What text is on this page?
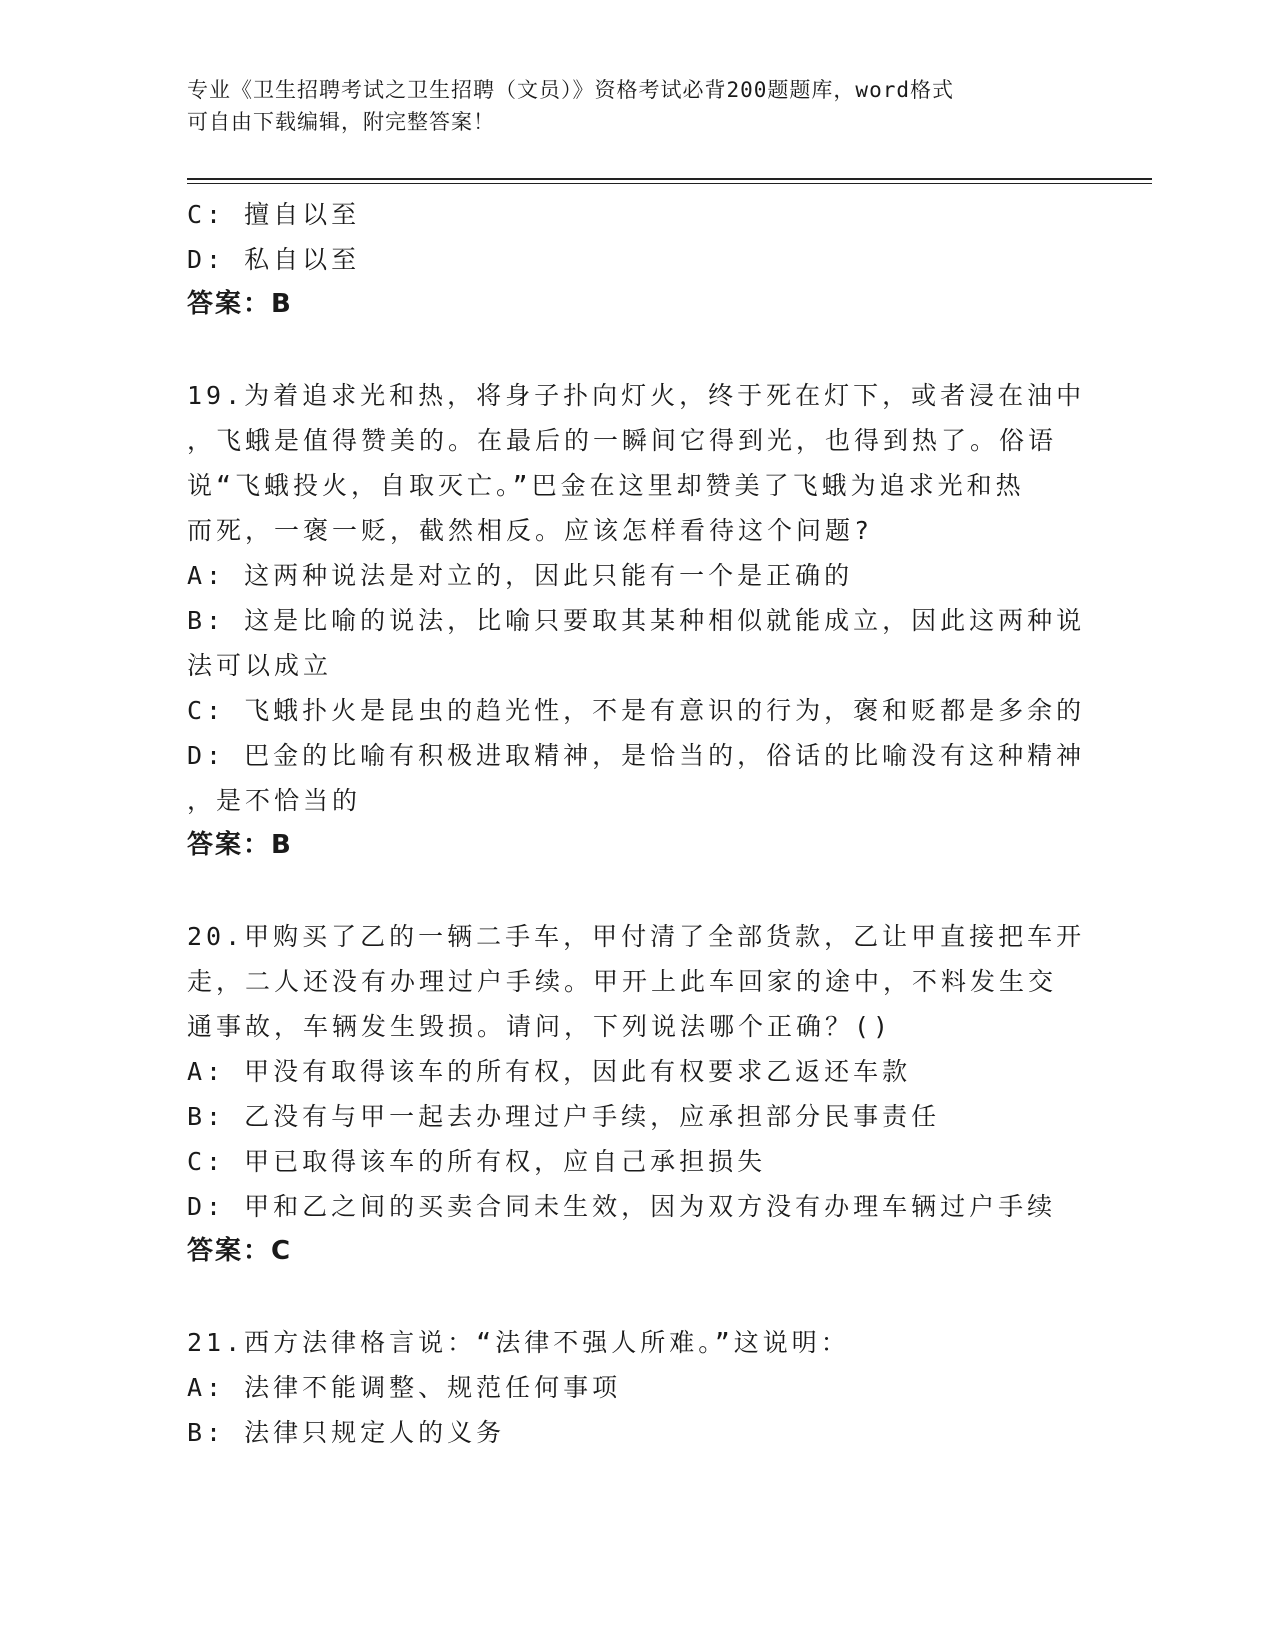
专业《卫生招聘考试之卫生招聘（文员）》资格考试必背200题题库，word格式
可自由下载编辑，附完整答案！

C: 擅自以至

D: 私自以至

答案：B

19.为着追求光和热，将身子扑向灯火，终于死在灯下，或者浸在油中

，飞蛾是值得赞美的。在最后的一瞬间它得到光，也得到热了。俗语

说“飞蛾投火，自取灭亡。”巴金在这里却赞美了飞蛾为追求光和热

而死，一褒一贬，截然相反。应该怎样看待这个问题?

A: 这两种说法是对立的，因此只能有一个是正确的

B: 这是比喻的说法，比喻只要取其某种相似就能成立，因此这两种说

法可以成立

C: 飞蛾扑火是昆虫的趋光性，不是有意识的行为，褒和贬都是多余的

D: 巴金的比喻有积极进取精神，是恰当的，俗话的比喻没有这种精神

，是不恰当的

答案：B

20.甲购买了乙的一辆二手车，甲付清了全部货款，乙让甲直接把车开

走，二人还没有办理过户手续。甲开上此车回家的途中，不料发生交

通事故，车辆发生毁损。请问，下列说法哪个正确？()

A: 甲没有取得该车的所有权，因此有权要求乙返还车款

B: 乙没有与甲一起去办理过户手续，应承担部分民事责任

C: 甲已取得该车的所有权，应自己承担损失

D: 甲和乙之间的买卖合同未生效，因为双方没有办理车辆过户手续

答案：C

21.西方法律格言说：“法律不强人所难。”这说明：

A: 法律不能调整、规范任何事项

B: 法律只规定人的义务
